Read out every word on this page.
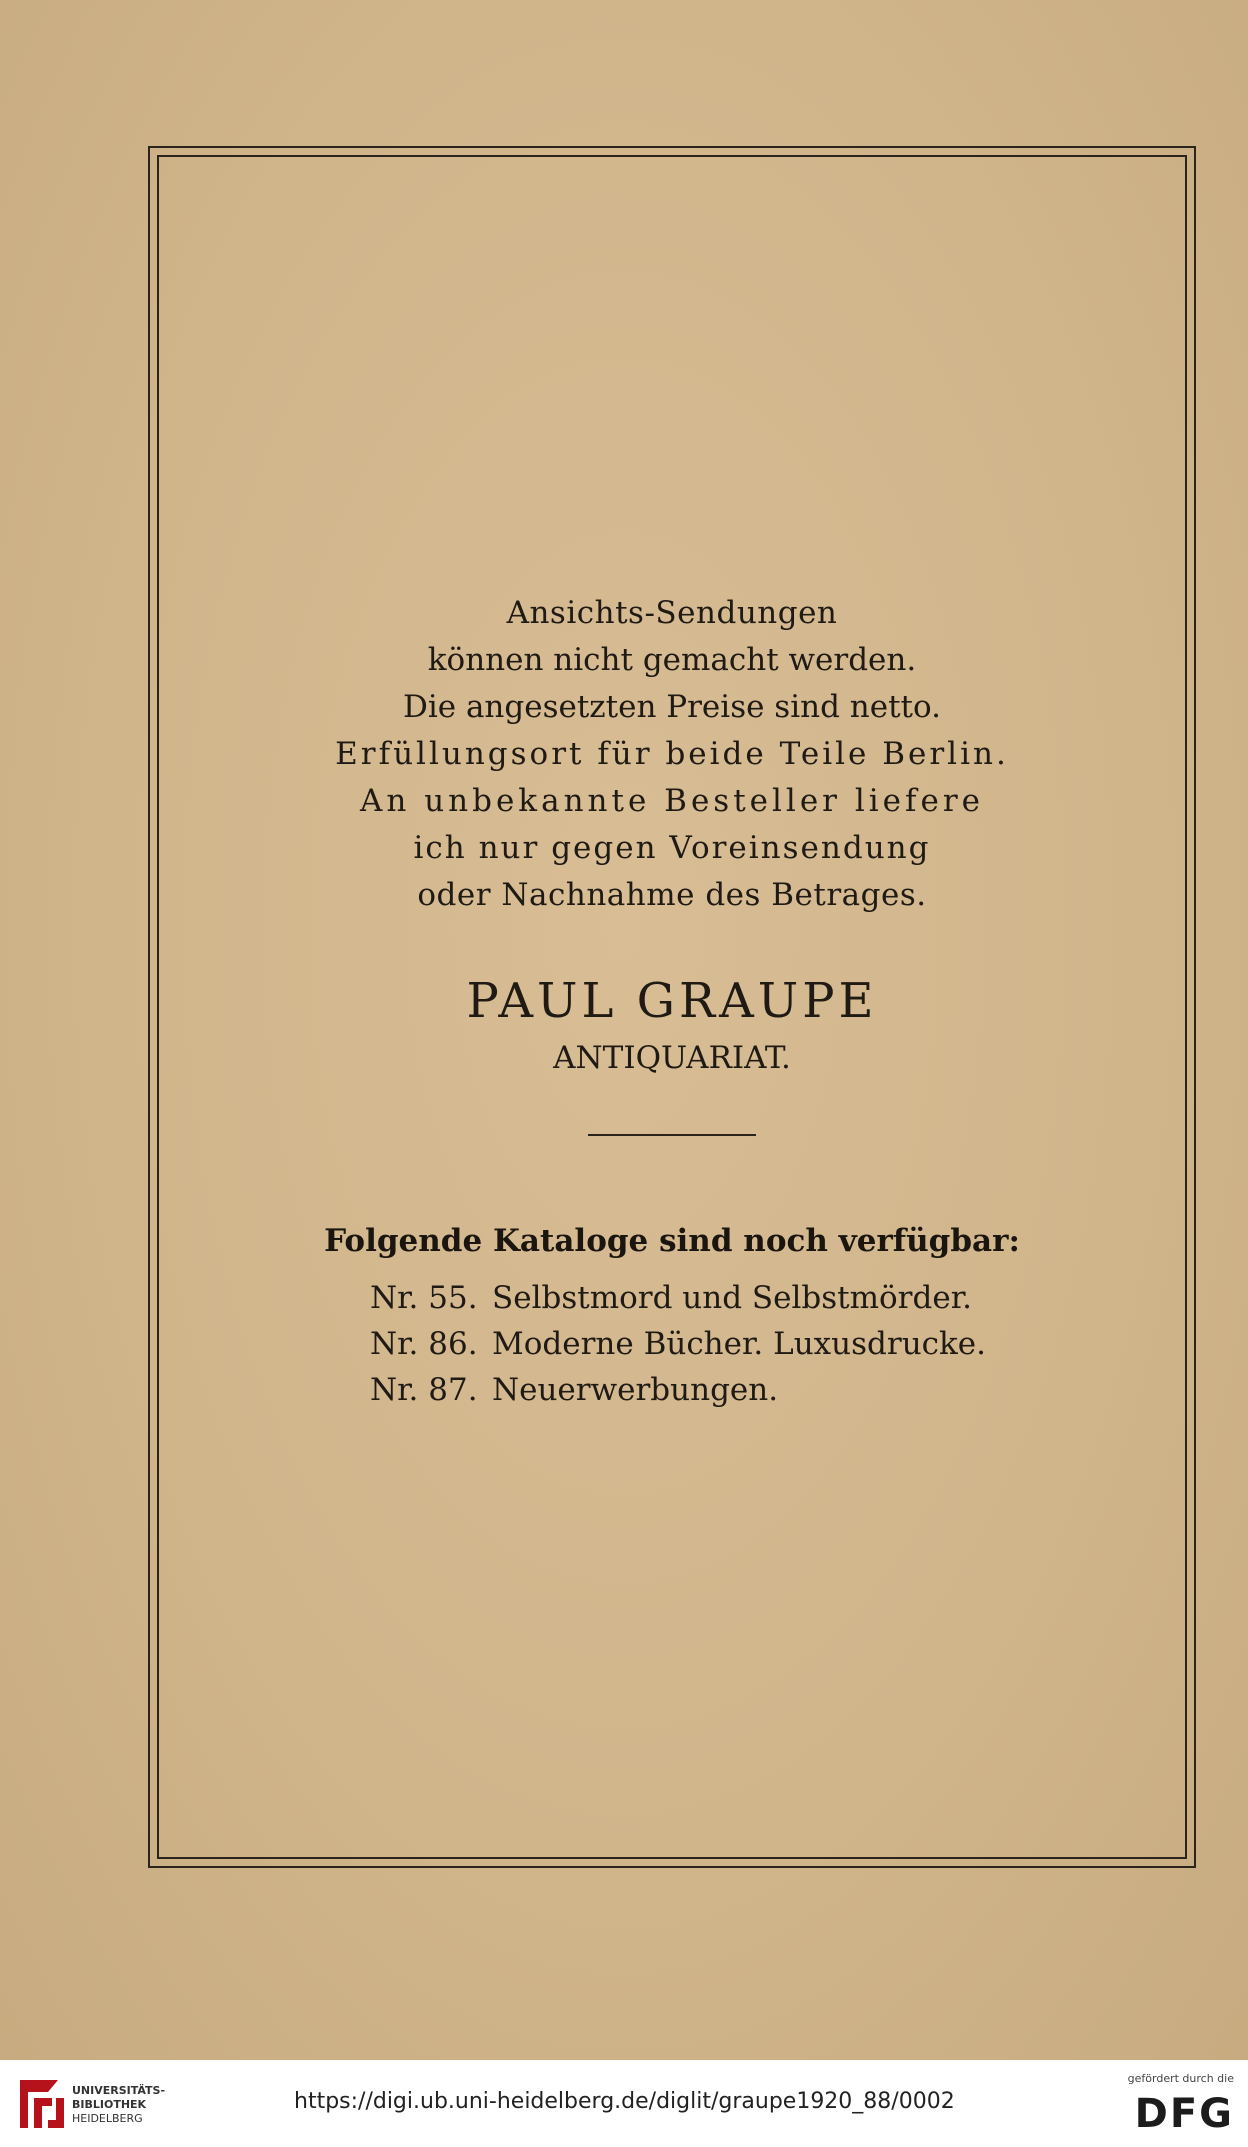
Ansichts-Sendungen
können nicht gemacht werden.
Die angesetzten Preise sind netto.
Erfüllungsort für beide Teile Berlin.
An unbekannte Besteller liefere
ich nur gegen Voreinsendung
oder Nachnahme des Betrages.
PAUL GRAUPE
ANTIQUARIAT.
Folgende Kataloge sind noch verfügbar:
Nr. 55. Selbstmord und Selbstmörder.
Nr. 86. Moderne Bücher. Luxusdrucke.
Nr. 87. Neuerwerbungen.
UNIVERSITÄTS-
BIBLIOTHEK
HEIDELBERG
https://digi.ub.uni-heidelberg.de/diglit/graupe1920_88/0002
gefördert durch die
DFG
